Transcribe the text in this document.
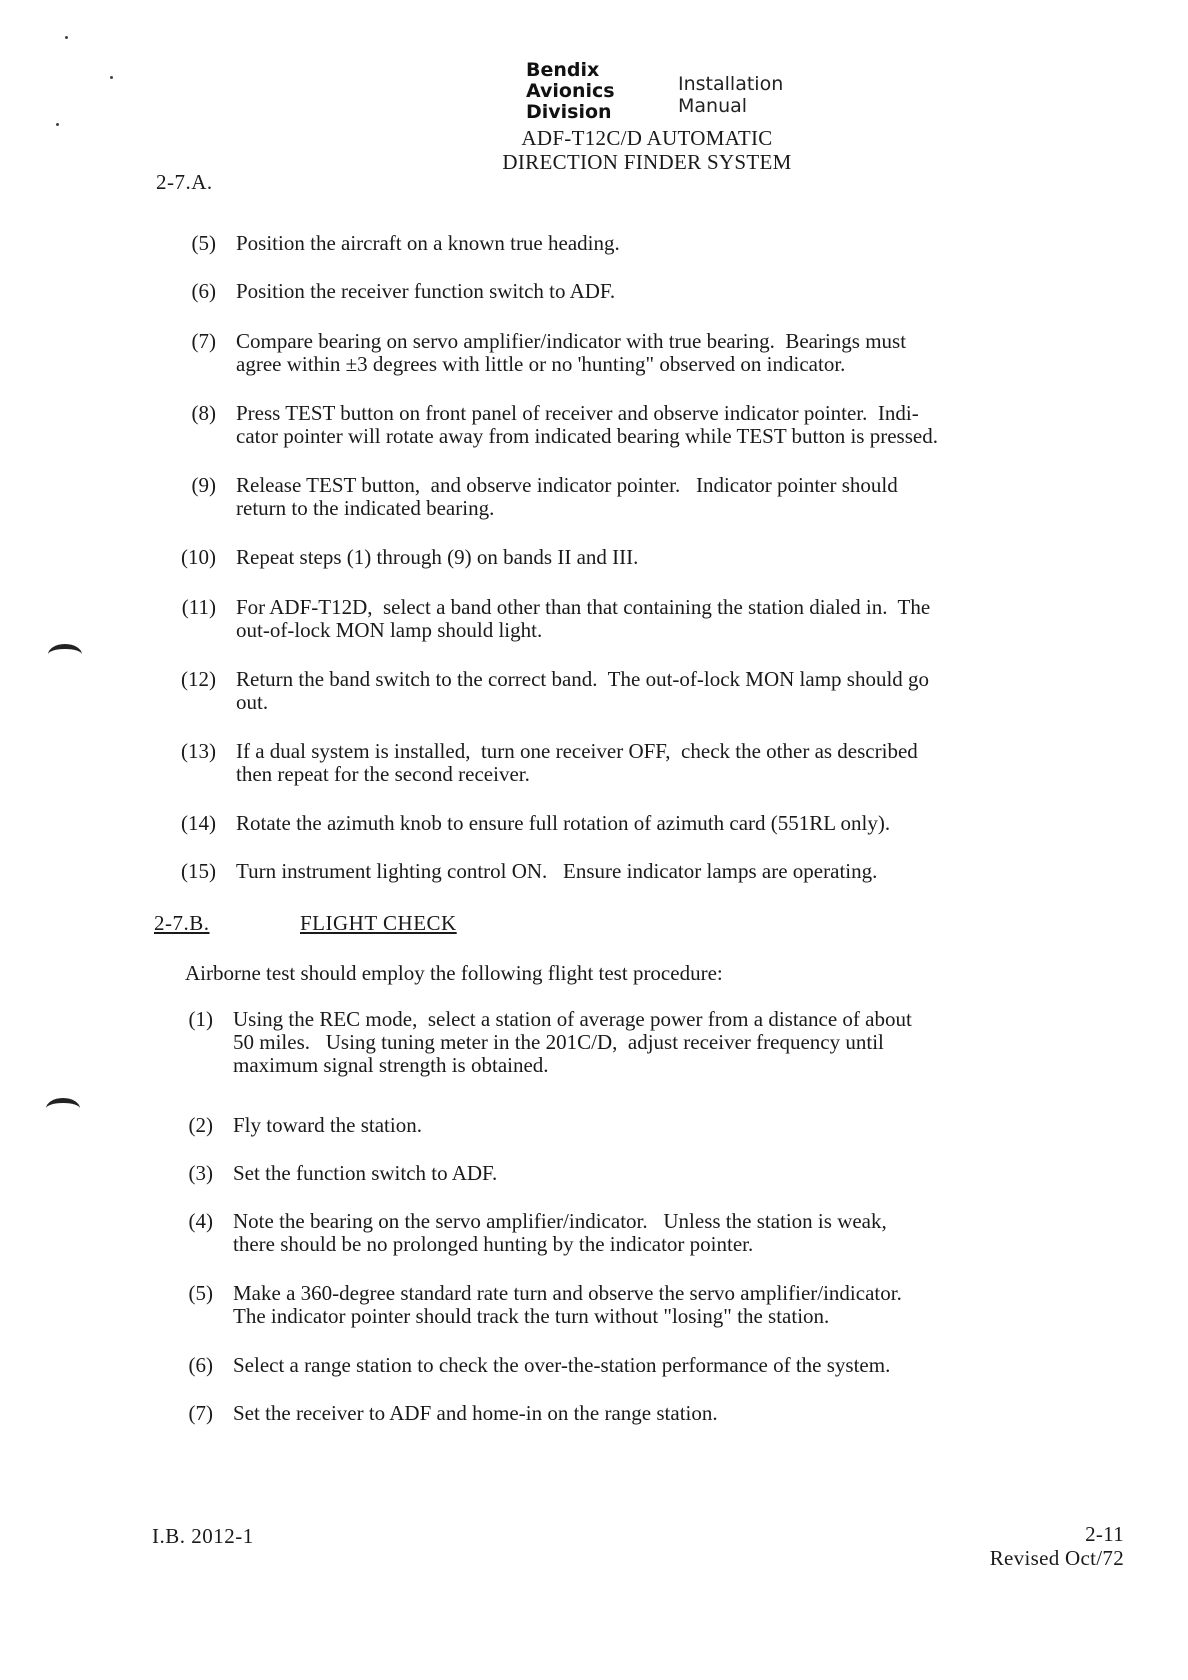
Bendix
Avionics
Division
Installation
Manual
ADF-T12C/D AUTOMATIC
DIRECTION FINDER SYSTEM
2-7.A.
(5) Position the aircraft on a known true heading.
(6) Position the receiver function switch to ADF.
(7) Compare bearing on servo amplifier/indicator with true bearing.  Bearings must
agree within ±3 degrees with little or no 'hunting" observed on indicator.
(8) Press TEST button on front panel of receiver and observe indicator pointer.  Indi-
cator pointer will rotate away from indicated bearing while TEST button is pressed.
(9) Release TEST button,  and observe indicator pointer.   Indicator pointer should
return to the indicated bearing.
(10) Repeat steps (1) through (9) on bands II and III.
(11) For ADF-T12D,  select a band other than that containing the station dialed in.  The
out-of-lock MON lamp should light.
(12) Return the band switch to the correct band.  The out-of-lock MON lamp should go
out.
(13) If a dual system is installed,  turn one receiver OFF,  check the other as described
then repeat for the second receiver.
(14) Rotate the azimuth knob to ensure full rotation of azimuth card (551RL only).
(15) Turn instrument lighting control ON.   Ensure indicator lamps are operating.
2-7.B.	FLIGHT CHECK
Airborne test should employ the following flight test procedure:
(1) Using the REC mode,  select a station of average power from a distance of about
50 miles.   Using tuning meter in the 201C/D,  adjust receiver frequency until
maximum signal strength is obtained.
(2) Fly toward the station.
(3) Set the function switch to ADF.
(4) Note the bearing on the servo amplifier/indicator.   Unless the station is weak,
there should be no prolonged hunting by the indicator pointer.
(5) Make a 360-degree standard rate turn and observe the servo amplifier/indicator.
The indicator pointer should track the turn without "losing" the station.
(6) Select a range station to check the over-the-station performance of the system.
(7) Set the receiver to ADF and home-in on the range station.
I.B. 2012-1	2-11
Revised Oct/72
